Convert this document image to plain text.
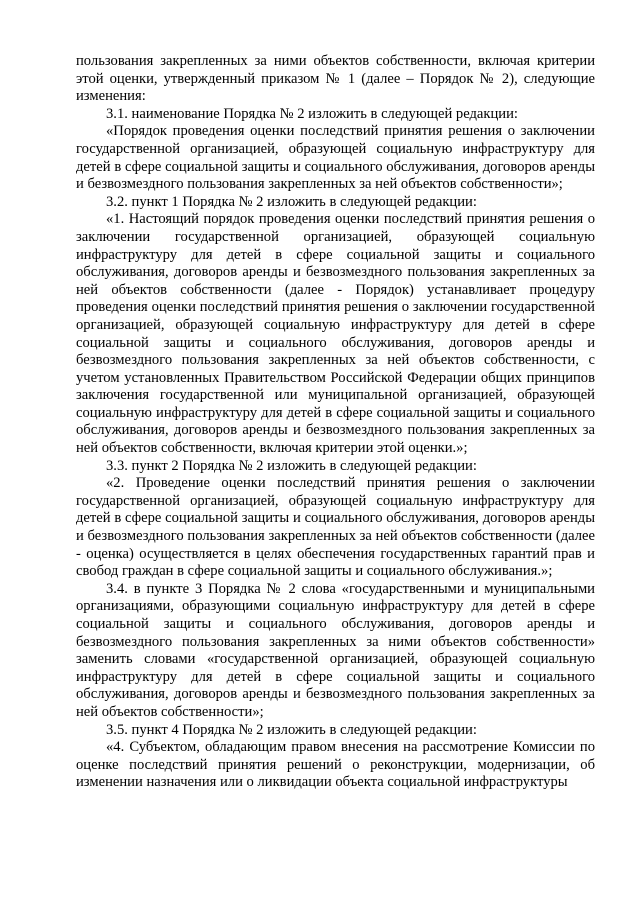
пользования закрепленных за ними объектов собственности, включая критерии этой оценки, утвержденный приказом № 1 (далее – Порядок № 2), следующие изменения:

3.1. наименование Порядка № 2 изложить в следующей редакции:

«Порядок проведения оценки последствий принятия решения о заключении государственной организацией, образующей социальную инфраструктуру для детей в сфере социальной защиты и социального обслуживания, договоров аренды и безвозмездного пользования закрепленных за ней объектов собственности»;

3.2. пункт 1 Порядка № 2 изложить в следующей редакции:

«1. Настоящий порядок проведения оценки последствий принятия решения о заключении государственной организацией, образующей социальную инфраструктуру для детей в сфере социальной защиты и социального обслуживания, договоров аренды и безвозмездного пользования закрепленных за ней объектов собственности (далее - Порядок) устанавливает процедуру проведения оценки последствий принятия решения о заключении государственной организацией, образующей социальную инфраструктуру для детей в сфере социальной защиты и социального обслуживания, договоров аренды и безвозмездного пользования закрепленных за ней объектов собственности, с учетом установленных Правительством Российской Федерации общих принципов заключения государственной или муниципальной организацией, образующей социальную инфраструктуру для детей в сфере социальной защиты и социального обслуживания, договоров аренды и безвозмездного пользования закрепленных за ней объектов собственности, включая критерии этой оценки.»;

3.3. пункт 2 Порядка № 2 изложить в следующей редакции:

«2. Проведение оценки последствий принятия решения о заключении государственной организацией, образующей социальную инфраструктуру для детей в сфере социальной защиты и социального обслуживания, договоров аренды и безвозмездного пользования закрепленных за ней объектов собственности (далее - оценка) осуществляется в целях обеспечения государственных гарантий прав и свобод граждан в сфере социальной защиты и социального обслуживания.»;

3.4. в пункте 3 Порядка № 2 слова «государственными и муниципальными организациями, образующими социальную инфраструктуру для детей в сфере социальной защиты и социального обслуживания, договоров аренды и безвозмездного пользования закрепленных за ними объектов собственности» заменить словами «государственной организацией, образующей социальную инфраструктуру для детей в сфере социальной защиты и социального обслуживания, договоров аренды и безвозмездного пользования закрепленных за ней объектов собственности»;

3.5. пункт 4 Порядка № 2 изложить в следующей редакции:

«4. Субъектом, обладающим правом внесения на рассмотрение Комиссии по оценке последствий принятия решений о реконструкции, модернизации, об изменении назначения или о ликвидации объекта социальной инфраструктуры
